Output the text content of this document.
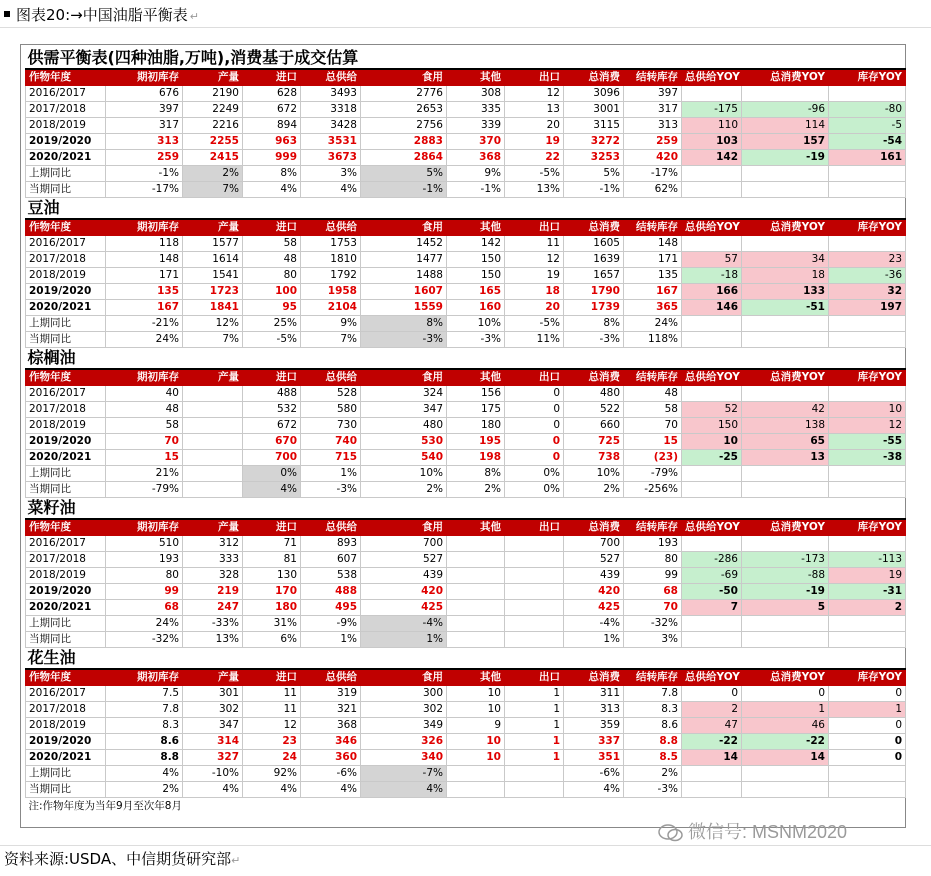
图表20:→中国油脂平衡表 ↵
供需平衡表(四种油脂,万吨),消费基于成交估算												
作物年度	期初库存	产量	进口	总供给	食用	其他	出口	总消费	结转库存	总供给YOY	总消费YOY	库存YOY
2016/2017	676	2190	628	3493	2776	308	12	3096	397			
2017/2018	397	2249	672	3318	2653	335	13	3001	317	-175	-96	-80
2018/2019	317	2216	894	3428	2756	339	20	3115	313	110	114	-5
2019/2020	313	2255	963	3531	2883	370	19	3272	259	103	157	-54
2020/2021	259	2415	999	3673	2864	368	22	3253	420	142	-19	161
上期同比	-1%	2%	8%	3%	5%	9%	-5%	5%	-17%			
当期同比	-17%	7%	4%	4%	-1%	-1%	13%	-1%	62%			
豆油												
作物年度	期初库存	产量	进口	总供给	食用	其他	出口	总消费	结转库存	总供给YOY	总消费YOY	库存YOY
2016/2017	118	1577	58	1753	1452	142	11	1605	148			
2017/2018	148	1614	48	1810	1477	150	12	1639	171	57	34	23
2018/2019	171	1541	80	1792	1488	150	19	1657	135	-18	18	-36
2019/2020	135	1723	100	1958	1607	165	18	1790	167	166	133	32
2020/2021	167	1841	95	2104	1559	160	20	1739	365	146	-51	197
上期同比	-21%	12%	25%	9%	8%	10%	-5%	8%	24%			
当期同比	24%	7%	-5%	7%	-3%	-3%	11%	-3%	118%			
棕榈油												
作物年度	期初库存	产量	进口	总供给	食用	其他	出口	总消费	结转库存	总供给YOY	总消费YOY	库存YOY
2016/2017	40		488	528	324	156	0	480	48			
2017/2018	48		532	580	347	175	0	522	58	52	42	10
2018/2019	58		672	730	480	180	0	660	70	150	138	12
2019/2020	70		670	740	530	195	0	725	15	10	65	-55
2020/2021	15		700	715	540	198	0	738	(23)	-25	13	-38
上期同比	21%		0%	1%	10%	8%	0%	10%	-79%			
当期同比	-79%		4%	-3%	2%	2%	0%	2%	-256%			
菜籽油												
作物年度	期初库存	产量	进口	总供给	食用	其他	出口	总消费	结转库存	总供给YOY	总消费YOY	库存YOY
2016/2017	510	312	71	893	700			700	193			
2017/2018	193	333	81	607	527			527	80	-286	-173	-113
2018/2019	80	328	130	538	439			439	99	-69	-88	19
2019/2020	99	219	170	488	420			420	68	-50	-19	-31
2020/2021	68	247	180	495	425			425	70	7	5	2
上期同比	24%	-33%	31%	-9%	-4%			-4%	-32%			
当期同比	-32%	13%	6%	1%	1%			1%	3%			
花生油												
作物年度	期初库存	产量	进口	总供给	食用	其他	出口	总消费	结转库存	总供给YOY	总消费YOY	库存YOY
2016/2017	7.5	301	11	319	300	10	1	311	7.8	0	0	0
2017/2018	7.8	302	11	321	302	10	1	313	8.3	2	1	1
2018/2019	8.3	347	12	368	349	9	1	359	8.6	47	46	0
2019/2020	8.6	314	23	346	326	10	1	337	8.8	-22	-22	0
2020/2021	8.8	327	24	360	340	10	1	351	8.5	14	14	0
上期同比	4%	-10%	92%	-6%	-7%			-6%	2%			
当期同比	2%	4%	4%	4%	4%			4%	-3%			
注:作物年度为当年9月至次年8月												
微信号: MSNM2020
资料来源:USDA、中信期货研究部↵
